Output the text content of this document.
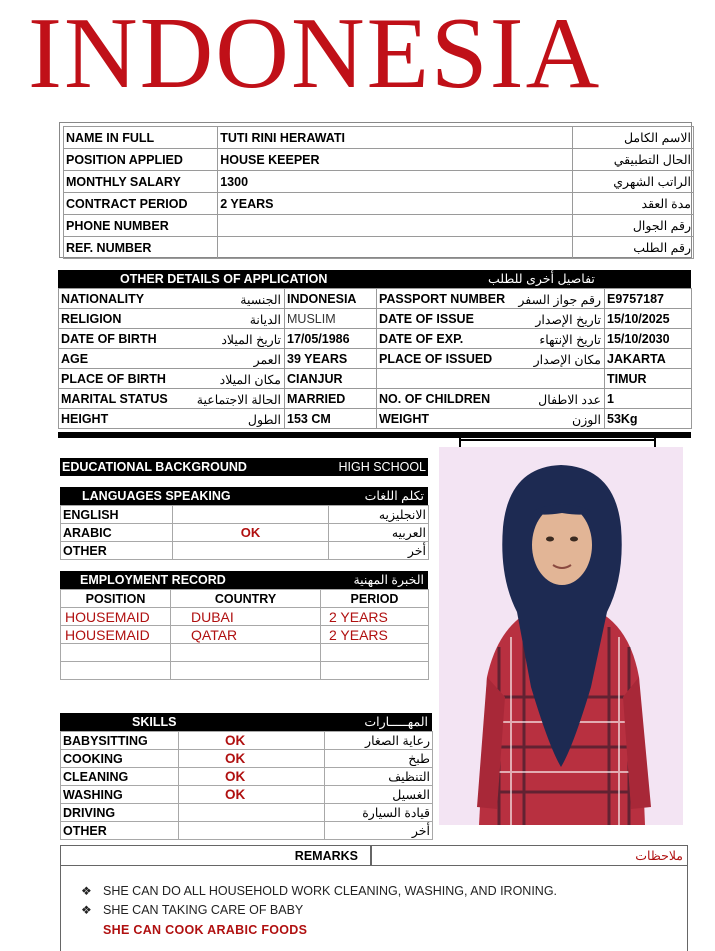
INDONESIA
NAME IN FULL	TUTI RINI HERAWATI	الاسم الكامل
POSITION APPLIED	HOUSE KEEPER	الحال التطبيقي
MONTHLY SALARY	1300	الراتب الشهري
CONTRACT PERIOD	2 YEARS	مدة العقد
PHONE NUMBER		رقم الجوال
REF. NUMBER		رقم الطلب
OTHER DETAILS OF APPLICATION	تفاصيل أخرى للطلب
NATIONALITY الجنسية	INDONESIA	PASSPORT NUMBER رقم جواز السفر	E9757187
RELIGION الديانة	MUSLIM	DATE OF ISSUE تاريخ الإصدار	15/10/2025
DATE OF BIRTH تاريخ الميلاد	17/05/1986	DATE OF EXP. تاريخ الإنتهاء	15/10/2030
AGE العمر	39 YEARS	PLACE OF ISSUED مكان الإصدار	JAKARTA
PLACE OF BIRTH مكان الميلاد	CIANJUR		TIMUR
MARITAL STATUS الحالة الاجتماعية	MARRIED	NO. OF CHILDREN عدد الاطفال	1
HEIGHT الطول	153 CM	WEIGHT الوزن	53Kg
EDUCATIONAL BACKGROUND	HIGH SCHOOL
LANGUAGES SPEAKING	تكلم اللغات
ENGLISH		الانجليزيه
ARABIC	OK	العربيه
OTHER		أخر
EMPLOYMENT RECORD	الخبرة المهنية
POSITION	COUNTRY	PERIOD
HOUSEMAID	DUBAI	2 YEARS
HOUSEMAID	QATAR	2 YEARS

SKILLS	المهـــــارات
BABYSITTING	OK	رعاية الصغار
COOKING	OK	طبخ
CLEANING	OK	التنظيف
WASHING	OK	الغسيل
DRIVING		قيادة السيارة
OTHER		أخر
REMARKS	ملاحظات
❖ SHE CAN DO ALL HOUSEHOLD WORK CLEANING, WASHING, AND IRONING.
❖ SHE CAN TAKING CARE OF BABY
SHE CAN COOK ARABIC FOODS
